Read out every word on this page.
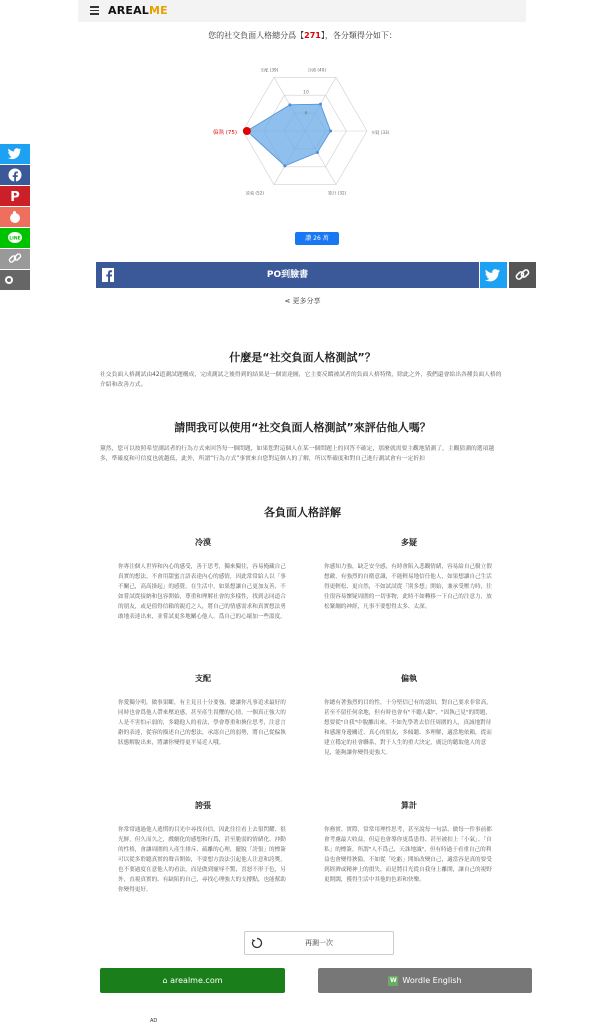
AREALME
您的社交負面人格總分爲【271】，各分類得分如下：
冷漠 (40)
多疑 (33)
算計 (32)
誇張 (52)
偏執 (75)
支配 (39)
10
6
讚 26 萬
PO到臉書
⋖ 更多分享
P
LINE
什麼是“社交負面人格測試”？
社交負面人格測試由42道測試題構成，完成測試之後得到的結果是一個需達圖，它主要反饋被試者的負面人格特徵，除此之外，我們還會給出各種負面人格的介紹和改善方式。
請問我可以使用“社交負面人格測試”來評估他人嗎？
黨然，您可以按照希望測試者的行為方式來回答每一個問題，如果您對這個人在某一個問題上的回答不確定，那麼就需要主觀地猜測了，主觀猜測的選項越多，準確度和可信度也就越低，此外，所謂“行為方式”事實來自您對這個人的了解，所以準確度和對自己進行測試會有一定折扣
各負面人格詳解
冷漠
你專注個人世界和內心的感受，善于思考，獨來獨往，容易掩藏自己真實的想法，不會用甜蜜言語表達內心的感情，因此常常給人以「事不關己，高高掛起」的感覺。在生活中，如果想讓自己更加友善，不如嘗試從接納和包容開始，尊重和理解社會的多樣性，找到志同道合的朋友，或是值得信賴的親近之人，將自己的情感需求和真實想法勇敢地表達出來，並嘗試更多地關心他人，爲自己的心壞加一些溫度。
多疑
你感知力強，缺乏安全感，有時會陷入悲觀情緒，容易給自己樹立假想敵，有強烈的自衛意識，不能輕易地信任他人，如果想讓自己生活得更輕松、更自然，不如試試從「別多想」開始，兼承受壓力時，往往很容易懷疑周圍的一切事物，此時不如轉移一下自己的注意力，放松緊繃的神經，凡事不要想得太多、太深。
支配
你愛獨分明，做事果斷，有主見且十分要強，總讓你凡事追求最好的同時也會爲他人帶來壓迫感，甚至產生畏懼的心情，一個真正強大的人是不害怕示弱的，多聽他人的看法，學會尊重和換位思考，注意言辭的表達，從容的描述自己的想法，承認自己的弱勢，將自己從偏執狀態解脫出來，將讓你變得更平易近人哦。
偏執
你總有著強烈的目的性，十分堅信已有的認知，對自己要求非常高，甚至不留任何余地，但有時也會有"不聽人勸"、"固執己見"的問題，想要從"自我"中脫離出來，不如先學著去信任周圍的人，真誠地對待和感謝身邊關近、真心的朋友，多傾聽、多理解，適當地依賴，從而建立穩定的社會聯系，對于人生的重大決定，廣泛的聽取他人的意見，能夠讓你變得更強大。
誇張
你常常通過他人逃慣的目光中尋找自信，因此往往看上去很閃耀、很光鮮，但久而久之，戲劇化的感想和行爲，甚至脆弱的情緒化、沖動的性格，會讓周圍的人產生排斥、疏離的心理，擺脫「誇張」的標簽可以從多聆聽真實的聲音開始，不要想方設法引起他人注意和誇獎，也不要過度在意他人的看法，而是做到寵辱不驚，喜怒不形于色，另外，直視真實的、有缺陷的自己，尋找心理強大的支撐點，也能幫助你變得更好。
算計
你務實、實際，常常用理性思考，甚至說每一句話、做每一件事前都會考慮最大收益，但這也會導你更爲患得、甚至被扣上「小氣」、「自私」的標簽，所謂"人不爲己，天誅地滅"，但有時過于看重自己的利益也會變得狹隘，不如從「吃虧」開始改變自己，適當容是真的要受到經濟或精神上的損失，而是將目光從自我身上離開，讓自己的視野更開闊，獲得生活中其他的色彩和快樂。
再測一次
⌂ arealme.com	W Wordle English
AD
